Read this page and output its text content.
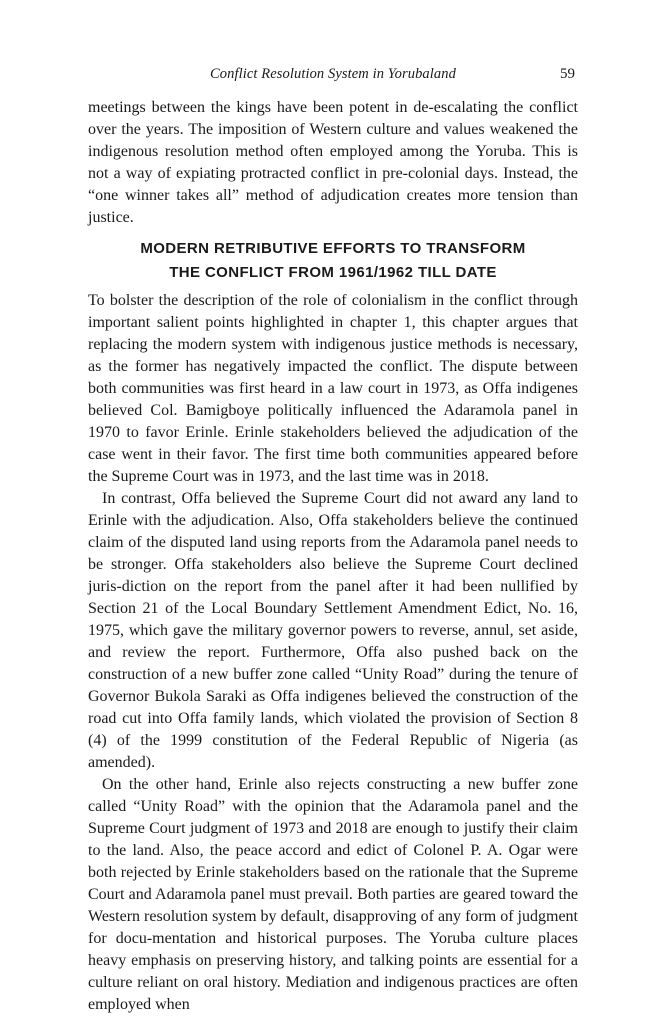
Conflict Resolution System in Yorubaland	59
meetings between the kings have been potent in de-escalating the conflict over the years. The imposition of Western culture and values weakened the indigenous resolution method often employed among the Yoruba. This is not a way of expiating protracted conflict in pre-colonial days. Instead, the “one winner takes all” method of adjudication creates more tension than justice.
MODERN RETRIBUTIVE EFFORTS TO TRANSFORM
THE CONFLICT FROM 1961/1962 TILL DATE

To bolster the description of the role of colonialism in the conflict through important salient points highlighted in chapter 1, this chapter argues that replacing the modern system with indigenous justice methods is necessary, as the former has negatively impacted the conflict. The dispute between both communities was first heard in a law court in 1973, as Offa indigenes believed Col. Bamigboye politically influenced the Adaramola panel in 1970 to favor Erinle. Erinle stakeholders believed the adjudication of the case went in their favor. The first time both communities appeared before the Supreme Court was in 1973, and the last time was in 2018.

In contrast, Offa believed the Supreme Court did not award any land to Erinle with the adjudication. Also, Offa stakeholders believe the continued claim of the disputed land using reports from the Adaramola panel needs to be stronger. Offa stakeholders also believe the Supreme Court declined juris-diction on the report from the panel after it had been nullified by Section 21 of the Local Boundary Settlement Amendment Edict, No. 16, 1975, which gave the military governor powers to reverse, annul, set aside, and review the report. Furthermore, Offa also pushed back on the construction of a new buffer zone called “Unity Road” during the tenure of Governor Bukola Saraki as Offa indigenes believed the construction of the road cut into Offa family lands, which violated the provision of Section 8 (4) of the 1999 constitution of the Federal Republic of Nigeria (as amended).

On the other hand, Erinle also rejects constructing a new buffer zone called “Unity Road” with the opinion that the Adaramola panel and the Supreme Court judgment of 1973 and 2018 are enough to justify their claim to the land. Also, the peace accord and edict of Colonel P. A. Ogar were both rejected by Erinle stakeholders based on the rationale that the Supreme Court and Adaramola panel must prevail. Both parties are geared toward the Western resolution system by default, disapproving of any form of judgment for docu-mentation and historical purposes. The Yoruba culture places heavy emphasis on preserving history, and talking points are essential for a culture reliant on oral history. Mediation and indigenous practices are often employed when
